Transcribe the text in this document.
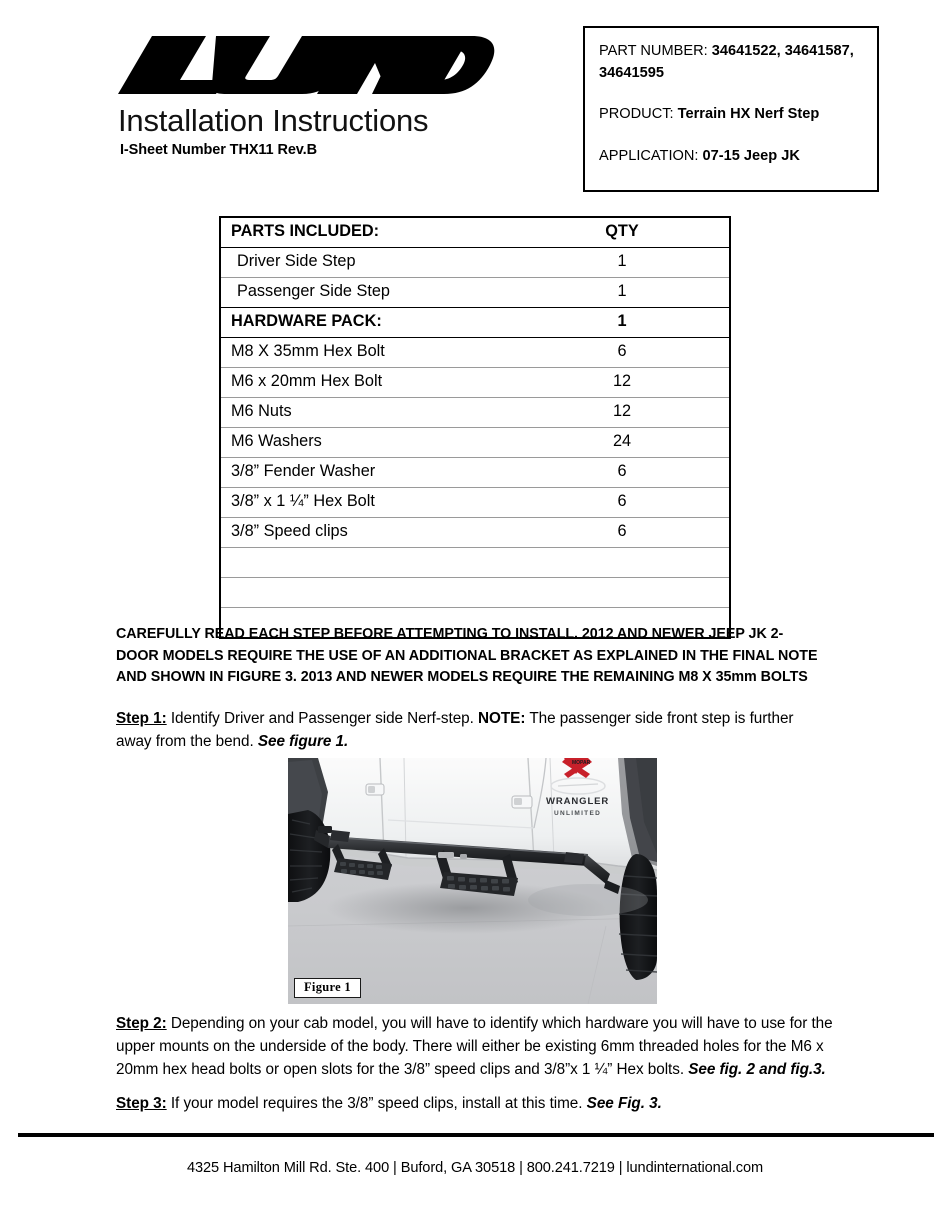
®
Installation Instructions
I-Sheet Number THX11 Rev.B
PART NUMBER: 34641522, 34641587, 34641595
PRODUCT: Terrain HX Nerf Step
APPLICATION: 07-15 Jeep JK
PARTS INCLUDED:	QTY
Driver Side Step	1
Passenger Side Step	1
HARDWARE PACK:	1
M8 X 35mm Hex Bolt	6
M6 x 20mm Hex Bolt	12
M6 Nuts	12
M6 Washers	24
3/8” Fender Washer	6
3/8” x 1 ¼” Hex Bolt	6
3/8” Speed clips	6

CAREFULLY READ EACH STEP BEFORE ATTEMPTING TO INSTALL. 2012 AND NEWER JEEP JK 2-DOOR MODELS REQUIRE THE USE OF AN ADDITIONAL BRACKET AS EXPLAINED IN THE FINAL NOTE AND SHOWN IN FIGURE 3. 2013 AND NEWER MODELS REQUIRE THE REMAINING M8 X 35mm BOLTS
Step 1: Identify Driver and Passenger side Nerf-step. NOTE: The passenger side front step is further away from the bend. See figure 1.
WRANGLER
UNLIMITED
MOPAR
Figure 1
Step 2: Depending on your cab model, you will have to identify which hardware you will have to use for the upper mounts on the underside of the body. There will either be existing 6mm threaded holes for the M6 x 20mm hex head bolts or open slots for the 3/8” speed clips and 3/8”x 1 ¼” Hex bolts. See fig. 2 and fig.3.
Step 3: If your model requires the 3/8” speed clips, install at this time. See Fig. 3.
4325 Hamilton Mill Rd. Ste. 400 | Buford, GA 30518 | 800.241.7219 | lundinternational.com
